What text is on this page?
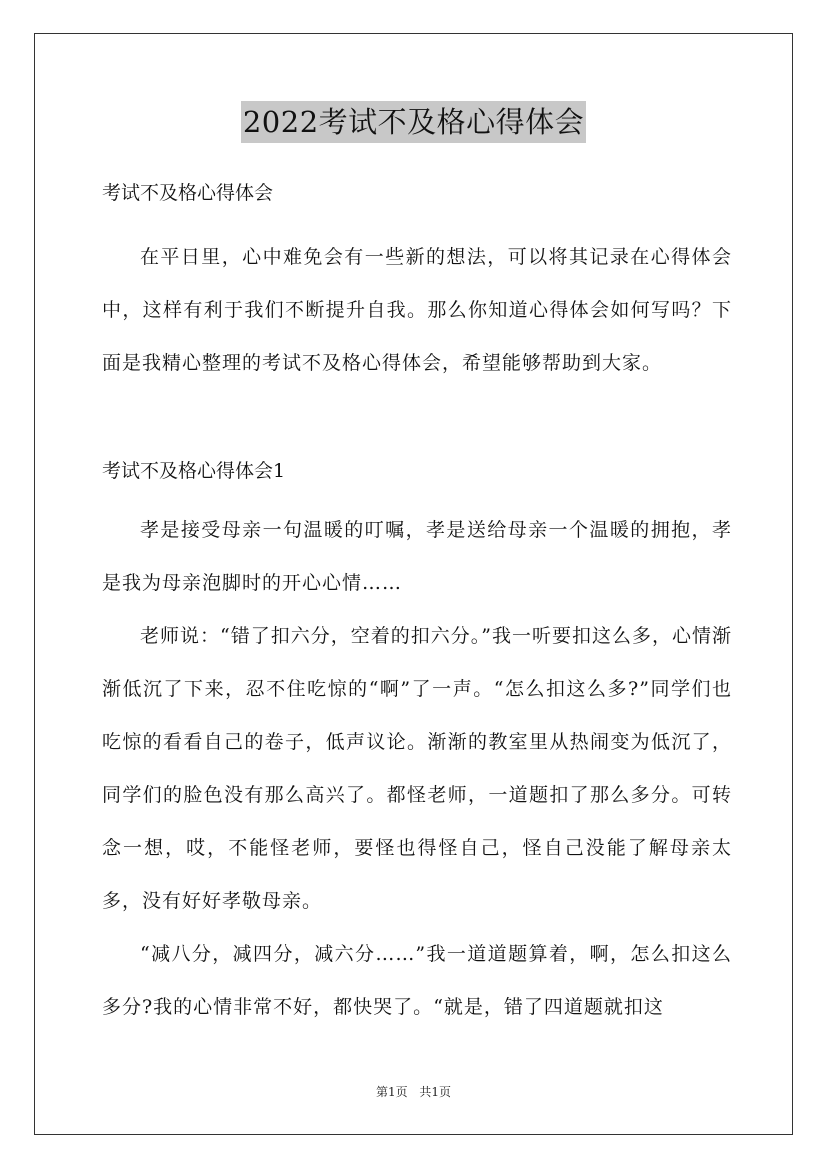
2022考试不及格心得体会

考试不及格心得体会

在平日里，心中难免会有一些新的想法，可以将其记录在心得体会中，这样有利于我们不断提升自我。那么你知道心得体会如何写吗？下面是我精心整理的考试不及格心得体会，希望能够帮助到大家。

考试不及格心得体会1

孝是接受母亲一句温暖的叮嘱，孝是送给母亲一个温暖的拥抱，孝是我为母亲泡脚时的开心心情……

老师说：“错了扣六分，空着的扣六分。”我一听要扣这么多，心情渐渐低沉了下来，忍不住吃惊的“啊”了一声。“怎么扣这么多?”同学们也吃惊的看看自己的卷子，低声议论。渐渐的教室里从热闹变为低沉了，同学们的脸色没有那么高兴了。都怪老师，一道题扣了那么多分。可转念一想，哎，不能怪老师，要怪也得怪自己，怪自己没能了解母亲太多，没有好好孝敬母亲。

“减八分，减四分，减六分……”我一道道题算着，啊，怎么扣这么多分?我的心情非常不好，都快哭了。“就是，错了四道题就扣这

第1页 共1页
